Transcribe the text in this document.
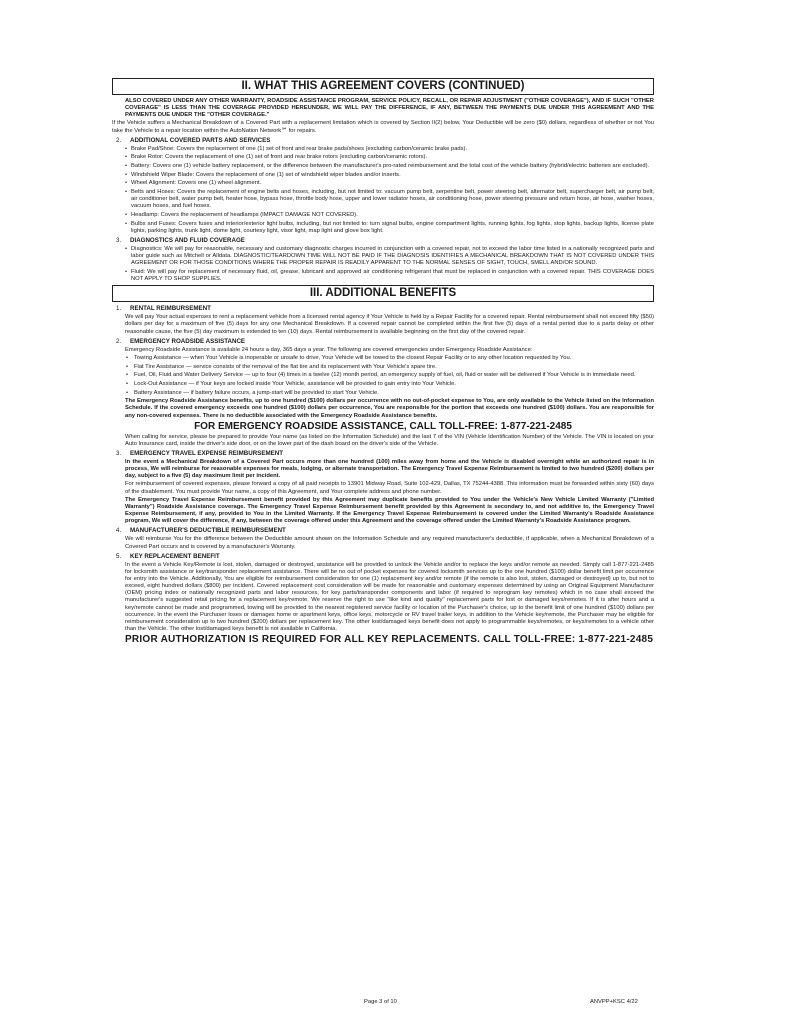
II. WHAT THIS AGREEMENT COVERS (CONTINUED)
ALSO COVERED UNDER ANY OTHER WARRANTY, ROADSIDE ASSISTANCE PROGRAM, SERVICE POLICY, RECALL, OR REPAIR ADJUSTMENT ("OTHER COVERAGE"), AND IF SUCH "OTHER COVERAGE" IS LESS THAN THE COVERAGE PROVIDED HEREUNDER, WE WILL PAY THE DIFFERENCE, IF ANY, BETWEEN THE PAYMENTS DUE UNDER THIS AGREEMENT AND THE PAYMENTS DUE UNDER THE "OTHER COVERAGE."
If the Vehicle suffers a Mechanical Breakdown of a Covered Part with a replacement limitation which is covered by Section II(2) below, Your Deductible will be zero ($0) dollars, regardless of whether or not You take the Vehicle to a repair location within the AutoNation Network℠ for repairs.
2. ADDITIONAL COVERED PARTS AND SERVICES
• Brake Pad/Shoe: Covers the replacement of one (1) set of front and rear brake pads/shoes (excluding carbon/ceramic brake pads).
• Brake Rotor: Covers the replacement of one (1) set of front and rear brake rotors (excluding carbon/ceramic rotors).
• Battery: Covers one (1) vehicle battery replacement, or the difference between the manufacturer's pro-rated reimbursement and the total cost of the vehicle battery (hybrid/electric batteries are excluded).
• Windshield Wiper Blade: Covers the replacement of one (1) set of windshield wiper blades and/or inserts.
• Wheel Alignment: Covers one (1) wheel alignment.
• Belts and Hoses: Covers the replacement of engine belts and hoses, including, but not limited to: vacuum pump belt, serpentine belt, power steering belt, alternator belt, supercharger belt, air pump belt, air conditioner belt, water pump belt, heater hose, bypass hose, throttle body hose, upper and lower radiator hoses, air conditioning hose, power steering pressure and return hose, air hose, washer hoses, vacuum hoses, and fuel hoses.
• Headlamp: Covers the replacement of headlamps (IMPACT DAMAGE NOT COVERED).
• Bulbs and Fuses: Covers fuses and interior/exterior light bulbs, including, but not limited to: turn signal bulbs, engine compartment lights, running lights, fog lights, stop lights, backup lights, license plate lights, parking lights, trunk light, dome light, courtesy light, visor light, map light and glove box light.
3. DIAGNOSTICS AND FLUID COVERAGE
• Diagnostics: We will pay for reasonable, necessary and customary diagnostic charges incurred in conjunction with a covered repair, not to exceed the labor time listed in a nationally recognized parts and labor guide such as Mitchell or Alldata. DIAGNOSTIC/TEARDOWN TIME WILL NOT BE PAID IF THE DIAGNOSIS IDENTIFIES A MECHANICAL BREAKDOWN THAT IS NOT COVERED UNDER THIS AGREEMENT OR FOR THOSE CONDITIONS WHERE THE PROPER REPAIR IS READILY APPARENT TO THE NORMAL SENSES OF SIGHT, TOUCH, SMELL AND/OR SOUND.
• Fluid: We will pay for replacement of necessary fluid, oil, grease, lubricant and approved air conditioning refrigerant that must be replaced in conjunction with a covered repair. THIS COVERAGE DOES NOT APPLY TO SHOP SUPPLIES.
III. ADDITIONAL BENEFITS
1. RENTAL REIMBURSEMENT
We will pay Your actual expenses to rent a replacement vehicle from a licensed rental agency if Your Vehicle is held by a Repair Facility for a covered repair. Rental reimbursement shall not exceed fifty ($50) dollars per day for a maximum of five (5) days for any one Mechanical Breakdown. If a covered repair cannot be completed within the first five (5) days of a rental period due to a parts delay or other reasonable cause, the five (5) day maximum is extended to ten (10) days. Rental reimbursement is available beginning on the first day of the covered repair.
2. EMERGENCY ROADSIDE ASSISTANCE
Emergency Roadside Assistance is available 24 hours a day, 365 days a year. The following are covered emergencies under Emergency Roadside Assistance:
• Towing Assistance — when Your Vehicle is inoperable or unsafe to drive, Your Vehicle will be towed to the closest Repair Facility or to any other location requested by You.
• Flat Tire Assistance — service consists of the removal of the flat tire and its replacement with Your Vehicle's spare tire.
• Fuel, Oil, Fluid and Water Delivery Service — up to four (4) times in a twelve (12) month period, an emergency supply of fuel, oil, fluid or water will be delivered if Your Vehicle is in immediate need.
• Lock-Out Assistance — if Your keys are locked inside Your Vehicle, assistance will be provided to gain entry into Your Vehicle.
• Battery Assistance — if battery failure occurs, a jump-start will be provided to start Your Vehicle.
The Emergency Roadside Assistance benefits, up to one hundred ($100) dollars per occurrence with no out-of-pocket expense to You, are only available to the Vehicle listed on the Information Schedule. If the covered emergency exceeds one hundred ($100) dollars per occurrence, You are responsible for the portion that exceeds one hundred ($100) dollars. You are responsible for any non-covered expenses. There is no deductible associated with the Emergency Roadside Assistance benefits.
FOR EMERGENCY ROADSIDE ASSISTANCE, CALL TOLL-FREE: 1-877-221-2485
When calling for service, please be prepared to provide Your name (as listed on the Information Schedule) and the last 7 of the VIN (Vehicle Identification Number) of the Vehicle. The VIN is located on your Auto Insurance card, inside the driver's side door, or on the lower part of the dash board on the driver's side of the Vehicle.
3. EMERGENCY TRAVEL EXPENSE REIMBURSEMENT
In the event a Mechanical Breakdown of a Covered Part occurs more than one hundred (100) miles away from home and the Vehicle is disabled overnight while an authorized repair is in process, We will reimburse for reasonable expenses for meals, lodging, or alternate transportation. The Emergency Travel Expense Reimbursement is limited to two hundred ($200) dollars per day, subject to a five (5) day maximum limit per incident.
For reimbursement of covered expenses, please forward a copy of all paid receipts to 13901 Midway Road, Suite 102-429, Dallas, TX 75244-4388. This information must be forwarded within sixty (60) days of the disablement. You must provide Your name, a copy of this Agreement, and Your complete address and phone number.
The Emergency Travel Expense Reimbursement benefit provided by this Agreement may duplicate benefits provided to You under the Vehicle's New Vehicle Limited Warranty ("Limited Warranty") Roadside Assistance coverage. The Emergency Travel Expense Reimbursement benefit provided by this Agreement is secondary to, and not additive to, the Emergency Travel Expense Reimbursement, if any, provided to You in the Limited Warranty. If the Emergency Travel Expense Reimbursement is covered under the Limited Warranty's Roadside Assistance program, We will cover the difference, if any, between the coverage offered under this Agreement and the coverage offered under the Limited Warranty's Roadside Assistance program.
4. MANUFACTURER'S DEDUCTIBLE REIMBURSEMENT
We will reimburse You for the difference between the Deductible amount shown on the Information Schedule and any required manufacturer's deductible, if applicable, when a Mechanical Breakdown of a Covered Part occurs and is covered by a manufacturer's Warranty.
5. KEY REPLACEMENT BENEFIT
In the event a Vehicle Key/Remote is lost, stolen, damaged or destroyed, assistance will be provided to unlock the Vehicle and/or to replace the keys and/or remote as needed. Simply call 1-877-221-2485 for locksmith assistance or key/transponder replacement assistance. There will be no out of pocket expenses for covered locksmith services up to the one hundred ($100) dollar benefit limit per occurrence for entry into the Vehicle. Additionally, You are eligible for reimbursement consideration for one (1) replacement key and/or remote (if the remote is also lost, stolen, damaged or destroyed) up to, but not to exceed, eight hundred dollars ($800) per incident. Covered replacement cost consideration will be made for reasonable and customary expenses determined by using an Original Equipment Manufacturer (OEM) pricing index or nationally recognized parts and labor resources, for key parts/transponder components and labor (if required to reprogram key remotes) which in no case shall exceed the manufacturer's suggested retail pricing for a replacement key/remote. We reserve the right to use "like kind and quality" replacement parts for lost or damaged keys/remotes. If it is after hours and a key/remote cannot be made and programmed, towing will be provided to the nearest registered service facility or location of the Purchaser's choice, up to the benefit limit of one hundred ($100) dollars per occurrence. In the event the Purchaser loses or damages home or apartment keys, office keys, motorcycle or RV travel trailer keys, in addition to the Vehicle key/remote, the Purchaser may be eligible for reimbursement consideration up to two hundred ($200) dollars per replacement key. The other lost/damaged keys benefit does not apply to programmable keys/remotes, or keys/remotes to a vehicle other than the Vehicle. The other lost/damaged keys benefit is not available in California.
PRIOR AUTHORIZATION IS REQUIRED FOR ALL KEY REPLACEMENTS. CALL TOLL-FREE: 1-877-221-2485
Page 3 of 10	ANVPP+KSC 4/22
